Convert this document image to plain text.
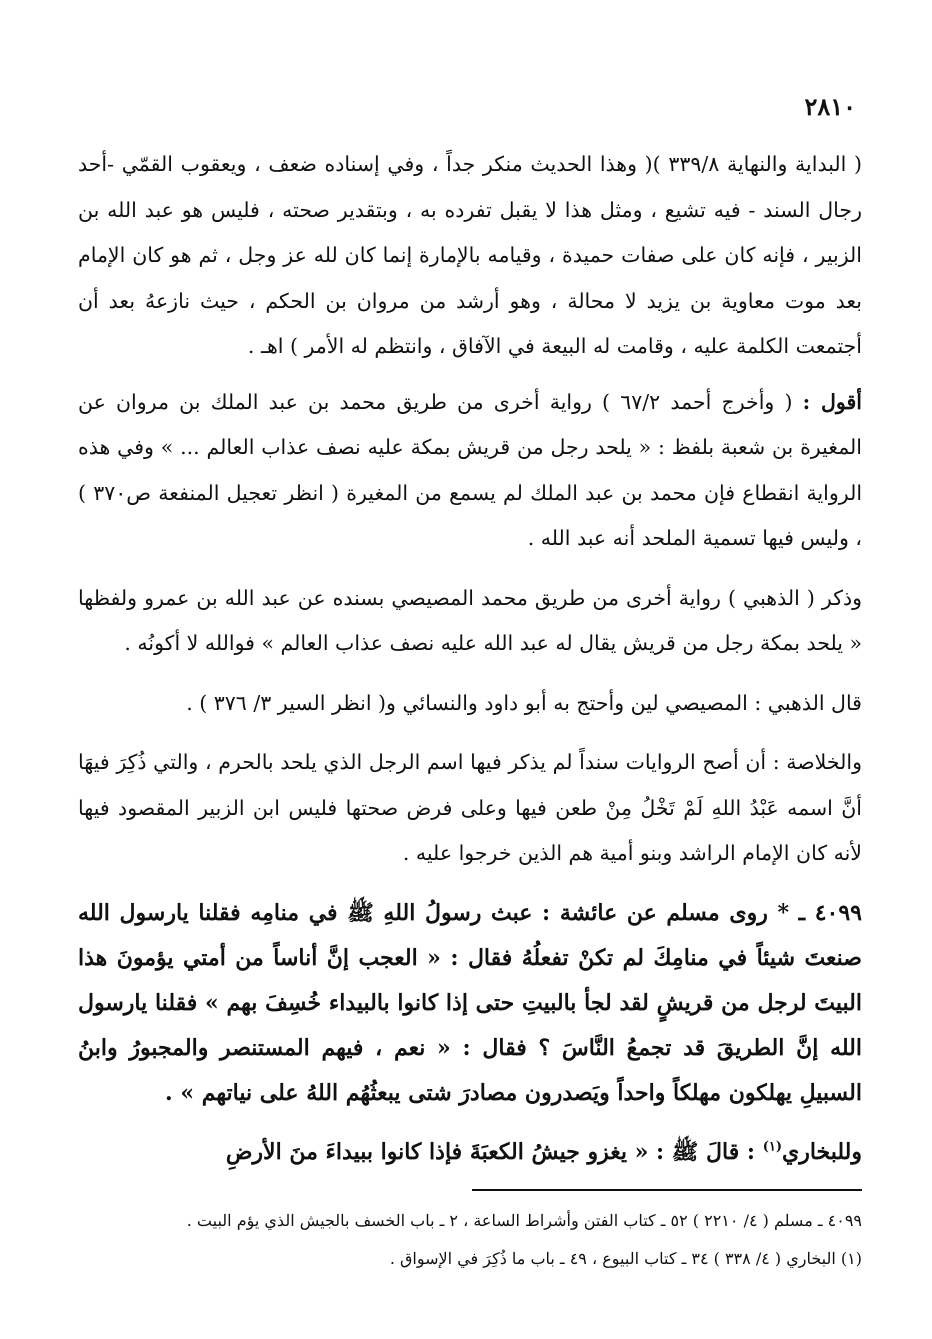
٢٨١٠

( البداية والنهاية ٣٣٩/٨ )( وهذا الحديث منكر جداً ، وفي إسناده ضعف ، ويعقوب القمّي -أحد رجال السند - فيه تشيع ، ومثل هذا لا يقبل تفرده به ، وبتقدير صحته ، فليس هو عبد الله بن الزبير ، فإنه كان على صفات حميدة ، وقيامه بالإمارة إنما كان لله عز وجل ، ثم هو كان الإمام بعد موت معاوية بن يزيد لا محالة ، وهو أرشد من مروان بن الحكم ، حيث نازعهُ بعد أن أجتمعت الكلمة عليه ، وقامت له البيعة في الآفاق ، وانتظم له الأمر ) اهـ .

أقول : ( وأخرج أحمد ٦٧/٢ ) رواية أخرى من طريق محمد بن عبد الملك بن مروان عن المغيرة بن شعبة بلفظ : « يلحد رجل من قريش بمكة عليه نصف عذاب العالم ... » وفي هذه الرواية انقطاع فإن محمد بن عبد الملك لم يسمع من المغيرة ( انظر تعجيل المنفعة ص٣٧٠ ) ، وليس فيها تسمية الملحد أنه عبد الله .

وذكر ( الذهبي ) رواية أخرى من طريق محمد المصيصي بسنده عن عبد الله بن عمرو ولفظها « يلحد بمكة رجل من قريش يقال له عبد الله عليه نصف عذاب العالم » فوالله لا أكونُه .

قال الذهبي : المصيصي لين وأحتج به أبو داود والنسائي و( انظر السير ٣/ ٣٧٦ ) .

والخلاصة : أن أصح الروايات سنداً لم يذكر فيها اسم الرجل الذي يلحد بالحرم ، والتي ذُكِرَ فيهَا أنَّ اسمه عَبْدُ اللهِ لَمْ تَخْلُ مِنْ طعن فيها وعلى فرض صحتها فليس ابن الزبير المقصود فيها لأنه كان الإمام الراشد وبنو أمية هم الذين خرجوا عليه .

٤٠٩٩ ـ * روى مسلم عن عائشة : عبث رسولُ اللهِ ﷺ في منامِه فقلنا يارسول الله صنعتَ شيئاً في منامِكَ لم تكنْ تفعلُهُ فقال : « العجب إنَّ أناساً من أمتي يؤمونَ هذا البيتَ لرجل من قريشٍ لقد لجأ بالبيتِ حتى إذا كانوا بالبيداء خُسِفَ بهم » فقلنا يارسول الله إنَّ الطريقَ قد تجمعُ النَّاسَ ؟ فقال : « نعم ، فيهم المستنصر والمجبورُ وابنُ السبيلِ يهلكون مهلكاً واحداً ويَصدرون مصادرَ شتى يبعثُهُم اللهُ على نياتهم » .

وللبخاري$^{(١)}$ : قالَ ﷺ : « يغزو جيشُ الكعبَةَ فإذا كانوا ببيداءَ منَ الأرضِ

٤٠٩٩ ـ مسلم ( ٤/ ٢٢١٠ ) ٥٢ ـ كتاب الفتن وأشراط الساعة ، ٢ ـ باب الخسف بالجيش الذي يؤم البيت .

(١) البخاري ( ٤/ ٣٣٨ ) ٣٤ ـ كتاب البيوع ، ٤٩ ـ باب ما ذُكِرَ في الإسواق .
